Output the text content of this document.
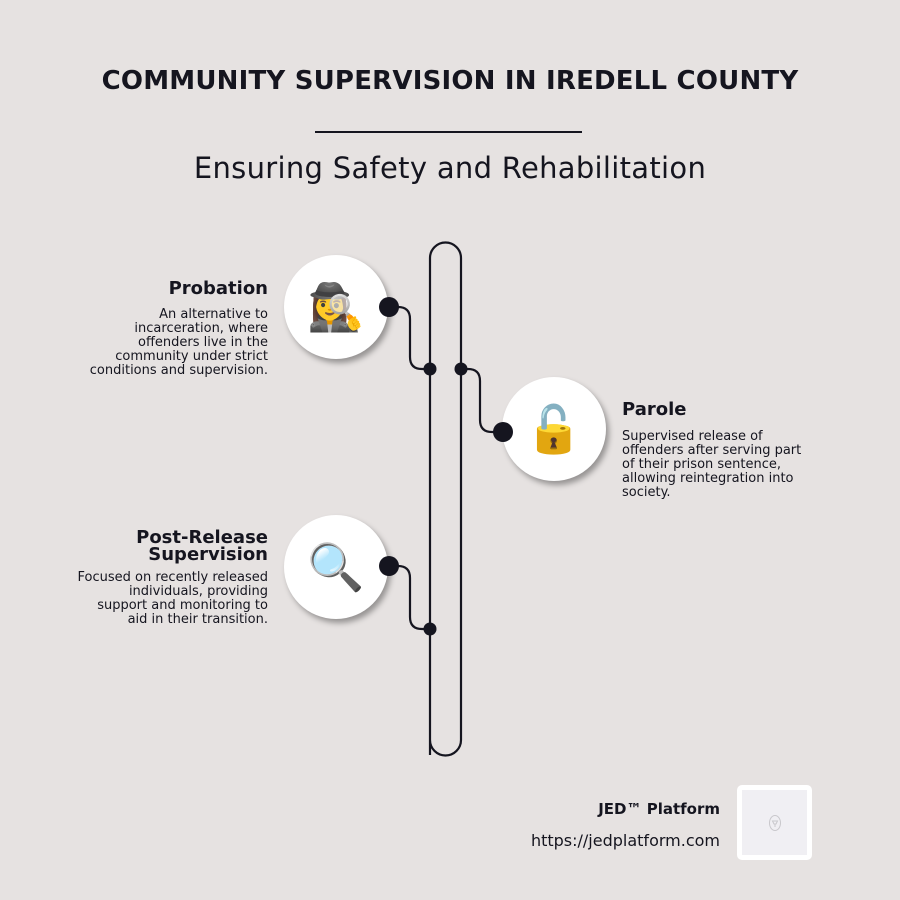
COMMUNITY SUPERVISION IN IREDELL COUNTY
Ensuring Safety and Rehabilitation
🕵️‍♀️
Probation
An alternative to
incarceration, where
offenders live in the
community under strict
conditions and supervision.
🔓 Parole
Supervised release of
offenders after serving part
of their prison sentence,
allowing reintegration into
society.
🔍
Post-Release
Supervision
Focused on recently released
individuals, providing
support and monitoring to
aid in their transition.
JED™ Platform
https://jedplatform.com
